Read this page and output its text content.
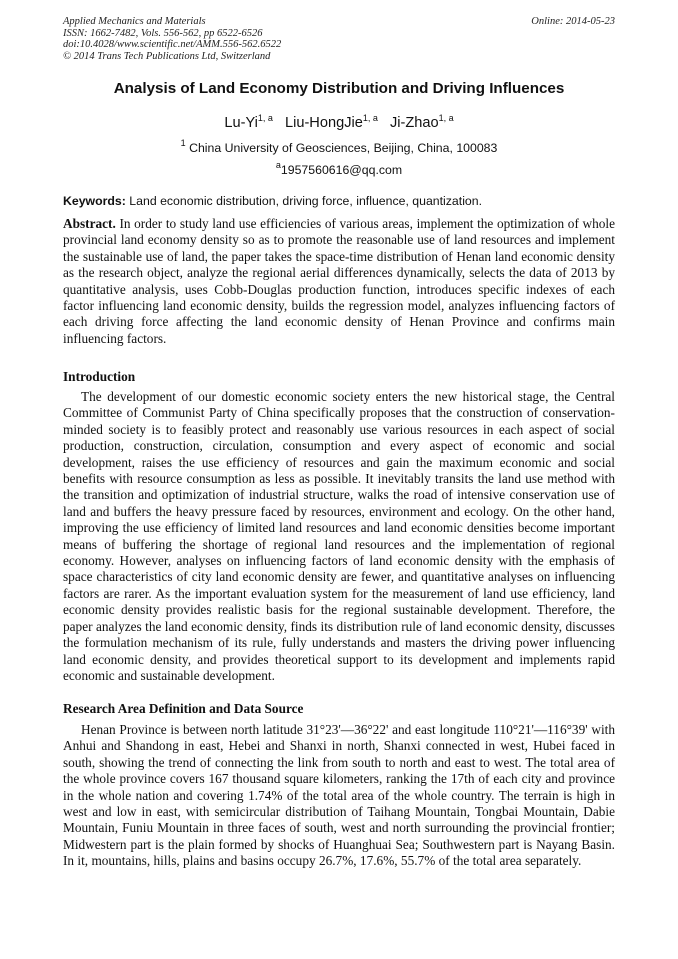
Applied Mechanics and Materials
ISSN: 1662-7482, Vols. 556-562, pp 6522-6526
doi:10.4028/www.scientific.net/AMM.556-562.6522
© 2014 Trans Tech Publications Ltd, Switzerland
Online: 2014-05-23
Analysis of Land Economy Distribution and Driving Influences
Lu-Yi$^{1, a}$ Liu-HongJie$^{1, a}$ Ji-Zhao$^{1, a}$
$^1$ China University of Geosciences, Beijing, China, 100083
$^a$1957560616@qq.com
Keywords: Land economic distribution, driving force, influence, quantization.
Abstract. In order to study land use efficiencies of various areas, implement the optimization of whole provincial land economy density so as to promote the reasonable use of land resources and implement the sustainable use of land, the paper takes the space-time distribution of Henan land economic density as the research object, analyze the regional aerial differences dynamically, selects the data of 2013 by quantitative analysis, uses Cobb-Douglas production function, introduces specific indexes of each factor influencing land economic density, builds the regression model, analyzes influencing factors of each driving force affecting the land economic density of Henan Province and confirms main influencing factors.
Introduction
The development of our domestic economic society enters the new historical stage, the Central Committee of Communist Party of China specifically proposes that the construction of conservation-minded society is to feasibly protect and reasonably use various resources in each aspect of social production, construction, circulation, consumption and every aspect of economic and social development, raises the use efficiency of resources and gain the maximum economic and social benefits with resource consumption as less as possible. It inevitably transits the land use method with the transition and optimization of industrial structure, walks the road of intensive conservation use of land and buffers the heavy pressure faced by resources, environment and ecology. On the other hand, improving the use efficiency of limited land resources and land economic densities become important means of buffering the shortage of regional land resources and the implementation of regional economy. However, analyses on influencing factors of land economic density with the emphasis of space characteristics of city land economic density are fewer, and quantitative analyses on influencing factors are rarer. As the important evaluation system for the measurement of land use efficiency, land economic density provides realistic basis for the regional sustainable development. Therefore, the paper analyzes the land economic density, finds its distribution rule of land economic density, discusses the formulation mechanism of its rule, fully understands and masters the driving power influencing land economic density, and provides theoretical support to its development and implements rapid economic and sustainable development.
Research Area Definition and Data Source
Henan Province is between north latitude 31°23'—36°22' and east longitude 110°21'—116°39' with Anhui and Shandong in east, Hebei and Shanxi in north, Shanxi connected in west, Hubei faced in south, showing the trend of connecting the link from south to north and east to west. The total area of the whole province covers 167 thousand square kilometers, ranking the 17th of each city and province in the whole nation and covering 1.74% of the total area of the whole country. The terrain is high in west and low in east, with semicircular distribution of Taihang Mountain, Tongbai Mountain, Dabie Mountain, Funiu Mountain in three faces of south, west and north surrounding the provincial frontier; Midwestern part is the plain formed by shocks of Huanghuai Sea; Southwestern part is Nayang Basin. In it, mountains, hills, plains and basins occupy 26.7%, 17.6%, 55.7% of the total area separately.
